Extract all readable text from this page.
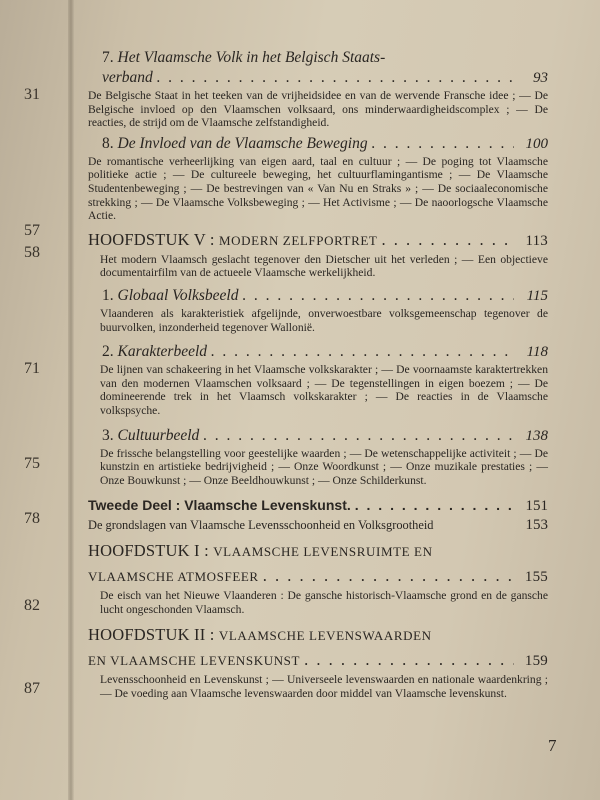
31
57
58
71
75
78
82
87
7. Het Vlaamsche Volk in het Belgisch Staats-
verband . . .	93
De Belgische Staat in het teeken van de vrijheidsidee en van de wervende Fransche idee ; — De Belgische invloed op den Vlaamschen volksaard, ons minderwaardigheidscomplex ; — De reacties, de strijd om de Vlaamsche zelfstandigheid.
8. De Invloed van de Vlaamsche Beweging . . .	100
De romantische verheerlijking van eigen aard, taal en cultuur ; — De poging tot Vlaamsche politieke actie ; — De cultureele beweging, het cultuurflamingantisme ; — De Vlaamsche Studentenbeweging ; — De bestrevingen van « Van Nu en Straks » ; — De sociaaleconomische strekking ; — De Vlaamsche Volksbeweging ; — Het Activisme ; — De naoorlogsche Vlaamsche Actie.
HOOFDSTUK V : MODERN ZELFPORTRET . . .	113
Het modern Vlaamsch geslacht tegenover den Dietscher uit het verleden ; — Een objectieve documentairfilm van de actueele Vlaamsche werkelijkheid.
1. Globaal Volksbeeld . . .	115
Vlaanderen als karakteristiek afgelijnde, onverwoestbare volksgemeenschap tegenover de buurvolken, inzonderheid tegenover Wallonië.
2. Karakterbeeld . . .	118
De lijnen van schakeering in het Vlaamsche volkskarakter ; — De voornaamste karaktertrekken van den modernen Vlaamschen volksaard ; — De tegenstellingen in eigen boezem ; — De domineerende trek in het Vlaamsch volkskarakter ; — De reacties in de Vlaamsche volkspsyche.
3. Cultuurbeeld . . .	138
De frissche belangstelling voor geestelijke waarden ; — De wetenschappelijke activiteit ; — De kunstzin en artistieke bedrijvigheid ; — Onze Woordkunst ; — Onze muzikale prestaties ; — Onze Bouwkunst ; — Onze Beeldhouwkunst ; — Onze Schilderkunst.
Tweede Deel : Vlaamsche Levenskunst. . . .	151
De grondslagen van Vlaamsche Levensschoonheid en Volksgrootheid	153
HOOFDSTUK I : VLAAMSCHE LEVENSRUIMTE EN
VLAAMSCHE ATMOSFEER . . .	155
De eisch van het Nieuwe Vlaanderen : De gansche historisch-Vlaamsche grond en de gansche lucht ongeschonden Vlaamsch.
HOOFDSTUK II : VLAAMSCHE LEVENSWAARDEN
EN VLAAMSCHE LEVENSKUNST . . .	159
Levensschoonheid en Levenskunst ; — Universeele levenswaarden en nationale waardenkring ; — De voeding aan Vlaamsche levenswaarden door middel van Vlaamsche levenskunst.
7
